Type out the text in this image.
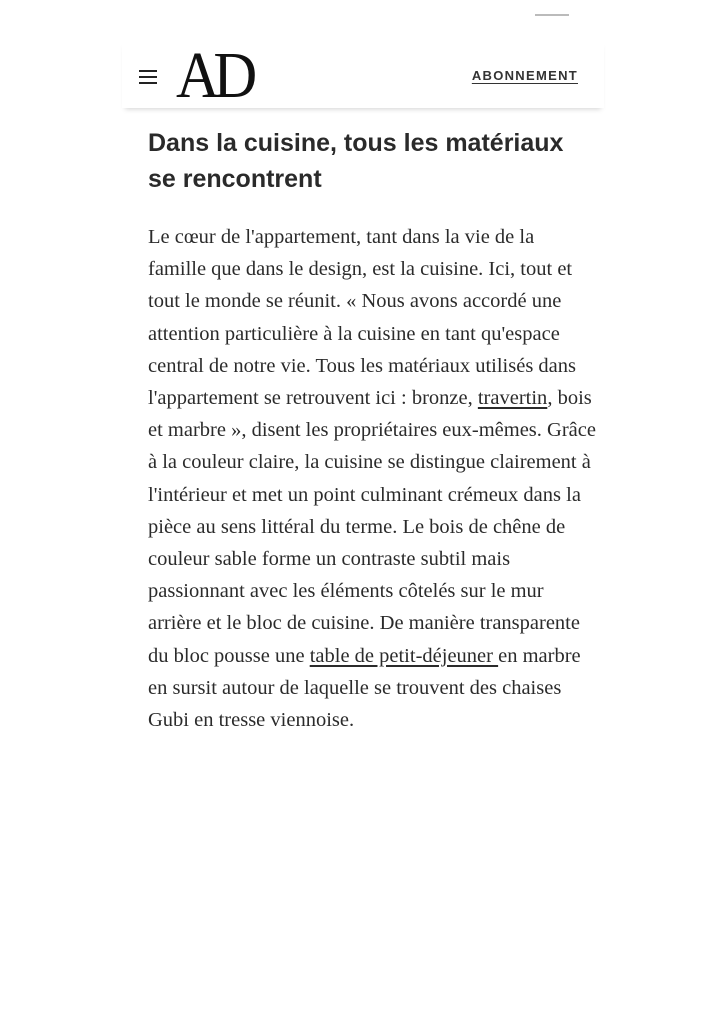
AD	ABONNEMENT
Dans la cuisine, tous les matériaux se rencontrent

Le cœur de l'appartement, tant dans la vie de la famille que dans le design, est la cuisine. Ici, tout et tout le monde se réunit. « Nous avons accordé une attention particulière à la cuisine en tant qu'espace central de notre vie. Tous les matériaux utilisés dans l'appartement se retrouvent ici : bronze, travertin, bois et marbre », disent les propriétaires eux-mêmes. Grâce à la couleur claire, la cuisine se distingue clairement à l'intérieur et met un point culminant crémeux dans la pièce au sens littéral du terme. Le bois de chêne de couleur sable forme un contraste subtil mais passionnant avec les éléments côtelés sur le mur arrière et le bloc de cuisine. De manière transparente du bloc pousse une table de petit-déjeuner en marbre en sursit autour de laquelle se trouvent des chaises Gubi en tresse viennoise.
